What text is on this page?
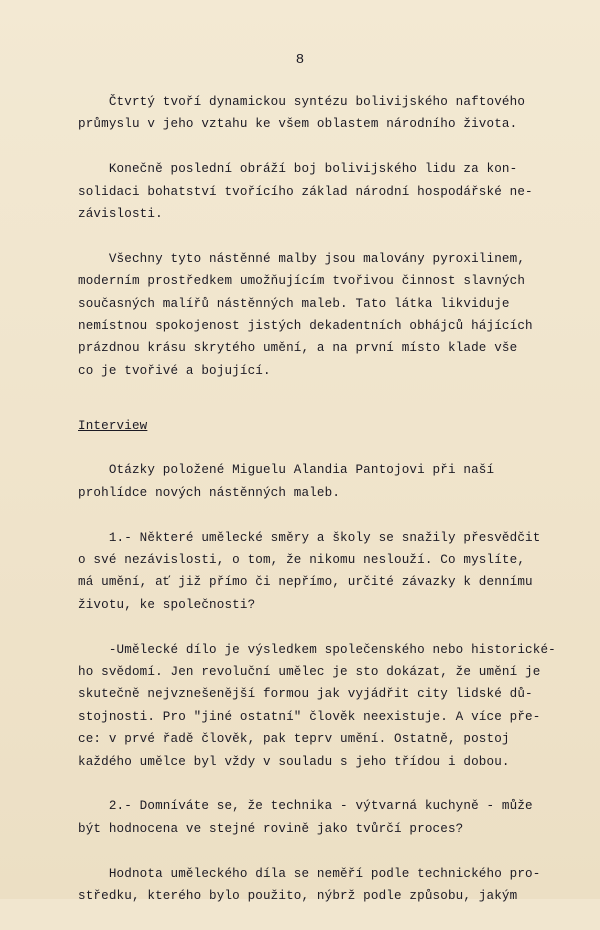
8
Čtvrtý tvoří dynamickou syntézu bolivijského naftového
průmyslu v jeho vztahu ke všem oblastem národního života.
Konečně poslední obráží boj bolivijského lidu za kon-
solidaci bohatství tvořícího základ národní hospodářské ne-
závislosti.
Všechny tyto nástěnné malby jsou malovány pyroxilinem,
moderním prostředkem umožňujícím tvořivou činnost slavných
současných malířů nástěnných maleb. Tato látka likviduje
nemístnou spokojenost jistých dekadentních obhájců hájících
prázdnou krásu skrytého umění, a na první místo klade vše
co je tvořivé a bojující.
Interview
Otázky položené Miguelu Alandia Pantojovi při naší
prohlídce nových nástěnných maleb.
1.- Některé umělecké směry a školy se snažily přesvědčit
o své nezávislosti, o tom, že nikomu neslouží. Co myslíte,
má umění, ať již přímo či nepřímo, určité závazky k dennímu
životu, ke společnosti?
-Umělecké dílo je výsledkem společenského nebo historické-
ho svědomí. Jen revoluční umělec je sto dokázat, že umění je
skutečně nejvznešenější formou jak vyjádřit city lidské dů-
stojnosti. Pro "jiné ostatní" člověk neexistuje. A více pře-
ce: v prvé řadě člověk, pak teprv umění. Ostatně, postoj
každého umělce byl vždy v souladu s jeho třídou i dobou.
2.- Domníváte se, že technika - výtvarná kuchyně - může
být hodnocena ve stejné rovině jako tvůrčí proces?
Hodnota uměleckého díla se neměří podle technického pro-
středku, kterého bylo použito, nýbrž podle způsobu, jakým
